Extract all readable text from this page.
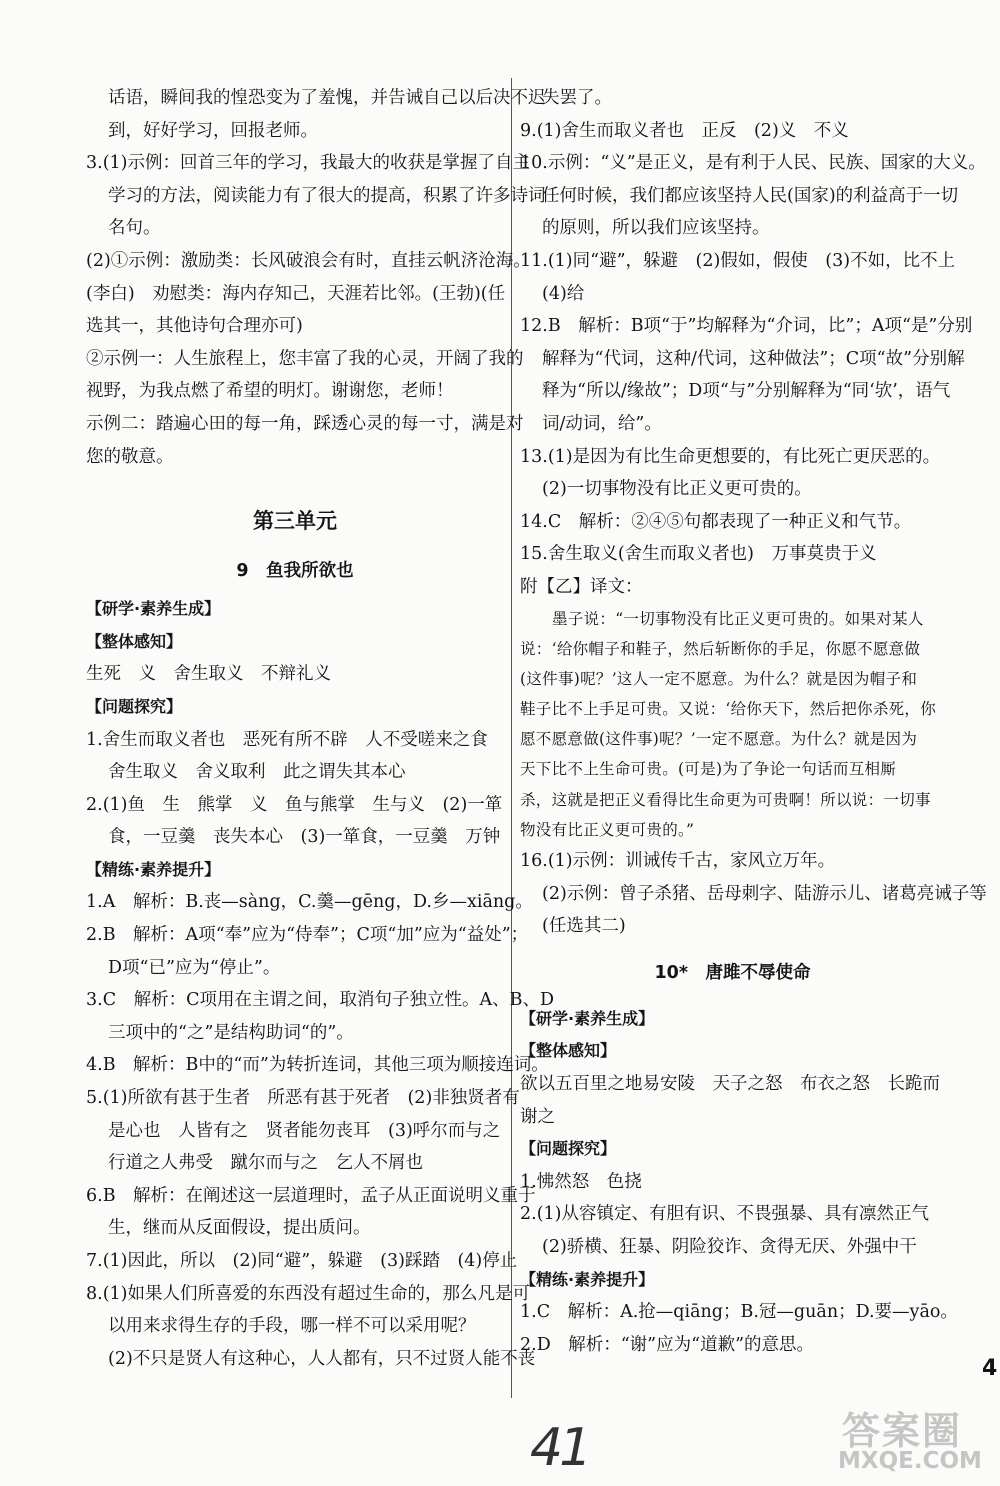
话语，瞬间我的惶恐变为了羞愧，并告诫自己以后决不迟
到，好好学习，回报老师。
3.(1)示例：回首三年的学习，我最大的收获是掌握了自主
学习的方法，阅读能力有了很大的提高，积累了许多诗词
名句。
(2)①示例：激励类：长风破浪会有时，直挂云帆济沧海。
(李白)　劝慰类：海内存知己，天涯若比邻。(王勃)(任
选其一，其他诗句合理亦可)
②示例一：人生旅程上，您丰富了我的心灵，开阔了我的
视野，为我点燃了希望的明灯。谢谢您，老师！
示例二：踏遍心田的每一角，踩透心灵的每一寸，满是对
您的敬意。
第三单元
9　鱼我所欲也
【研学·素养生成】
【整体感知】
生死　义　舍生取义　不辩礼义
【问题探究】
1.舍生而取义者也　恶死有所不辟　人不受嗟来之食
舍生取义　舍义取利　此之谓失其本心
2.(1)鱼　生　熊掌　义　鱼与熊掌　生与义　(2)一箪
食，一豆羹　丧失本心　(3)一箪食，一豆羹　万钟
【精练·素养提升】
1.A　解析：B.丧—sàng，C.羹—gēng，D.乡—xiāng。
2.B　解析：A项“奉”应为“侍奉”；C项“加”应为“益处”；
D项“已”应为“停止”。
3.C　解析：C项用在主谓之间，取消句子独立性。A、B、D
三项中的“之”是结构助词“的”。
4.B　解析：B中的“而”为转折连词，其他三项为顺接连词。
5.(1)所欲有甚于生者　所恶有甚于死者　(2)非独贤者有
是心也　人皆有之　贤者能勿丧耳　(3)呼尔而与之
行道之人弗受　蹴尔而与之　乞人不屑也
6.B　解析：在阐述这一层道理时，孟子从正面说明义重于
生，继而从反面假设，提出质问。
7.(1)因此，所以　(2)同“避”，躲避　(3)踩踏　(4)停止
8.(1)如果人们所喜爱的东西没有超过生命的，那么凡是可
以用来求得生存的手段，哪一样不可以采用呢？
(2)不只是贤人有这种心，人人都有，只不过贤人能不丧
失罢了。
9.(1)舍生而取义者也　正反　(2)义　不义
10.示例：“义”是正义，是有利于人民、民族、国家的大义。
任何时候，我们都应该坚持人民(国家)的利益高于一切
的原则，所以我们应该坚持。
11.(1)同“避”，躲避　(2)假如，假使　(3)不如，比不上
(4)给
12.B　解析：B项“于”均解释为“介词，比”；A项“是”分别
解释为“代词，这种/代词，这种做法”；C项“故”分别解
释为“所以/缘故”；D项“与”分别解释为“同‘欤’，语气
词/动词，给”。
13.(1)是因为有比生命更想要的，有比死亡更厌恶的。
(2)一切事物没有比正义更可贵的。
14.C　解析：②④⑤句都表现了一种正义和气节。
15.舍生取义(舍生而取义者也)　万事莫贵于义
附【乙】译文：
墨子说：“一切事物没有比正义更可贵的。如果对某人
说：‘给你帽子和鞋子，然后斩断你的手足，你愿不愿意做
(这件事)呢？’这人一定不愿意。为什么？就是因为帽子和
鞋子比不上手足可贵。又说：‘给你天下，然后把你杀死，你
愿不愿意做(这件事)呢？’一定不愿意。为什么？就是因为
天下比不上生命可贵。(可是)为了争论一句话而互相厮
杀，这就是把正义看得比生命更为可贵啊！所以说：一切事
物没有比正义更可贵的。”
16.(1)示例：训诫传千古，家风立万年。
(2)示例：曾子杀猪、岳母刺字、陆游示儿、诸葛亮诫子等
(任选其二)
10*　唐雎不辱使命
【研学·素养生成】
【整体感知】
欲以五百里之地易安陵　天子之怒　布衣之怒　长跪而
谢之
【问题探究】
1.怫然怒　色挠
2.(1)从容镇定、有胆有识、不畏强暴、具有凛然正气
(2)骄横、狂暴、阴险狡诈、贪得无厌、外强中干
【精练·素养提升】
1.C　解析：A.抢—qiāng；B.冠—guān；D.要—yāo。
2.D　解析：“谢”应为“道歉”的意思。
4
41	答案圈
MXQE.COM
